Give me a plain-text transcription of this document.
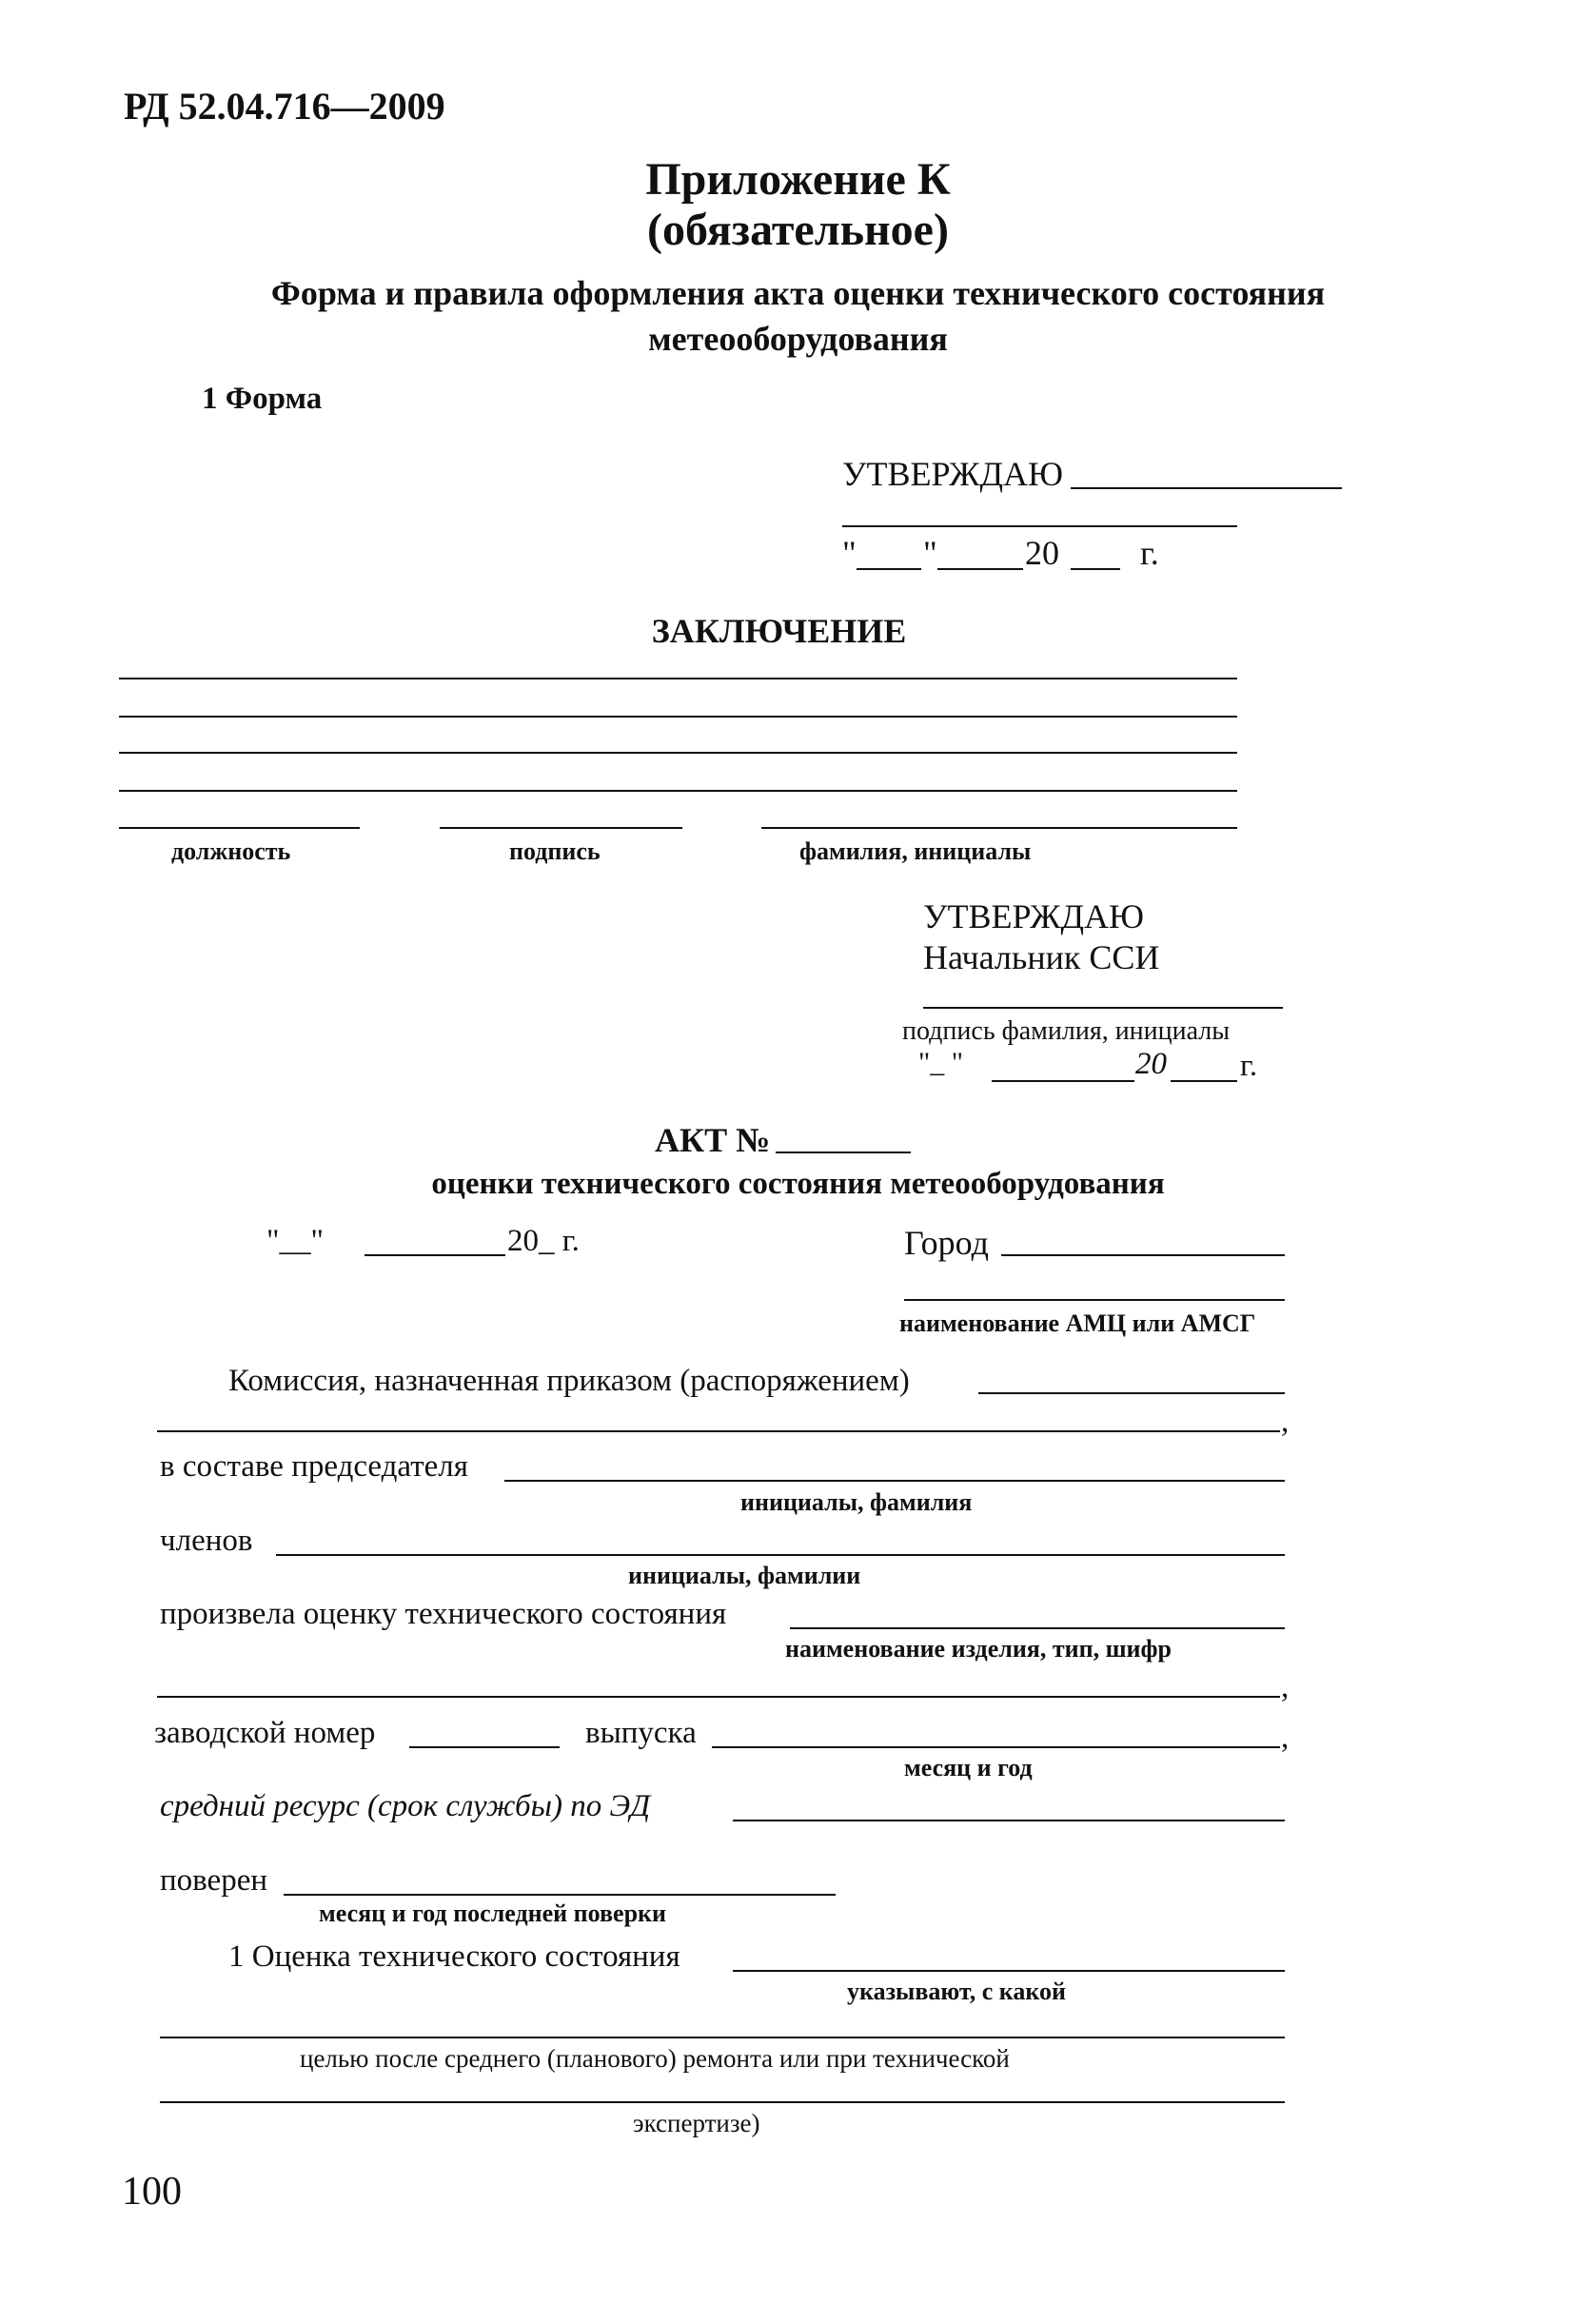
РД 52.04.716—2009
Приложение К
(обязательное)
Форма и правила оформления акта оценки технического состояния
метеооборудования
1 Форма
УТВЕРЖДАЮ
" "	20 г.
ЗАКЛЮЧЕНИЕ
должность	подпись	фамилия, инициалы
УТВЕРЖДАЮ
Начальник ССИ
подпись фамилия, инициалы
"_ "	20 г.
АКТ №
оценки технического состояния метеооборудования
"__"	20_ г.	Город
наименование АМЦ или АМСГ
Комиссия, назначенная приказом (распоряжением)
,
в составе председателя
инициалы, фамилия
членов
инициалы, фамилии
произвела оценку технического состояния
наименование изделия, тип, шифр
,
заводской номер	выпуска	,
месяц и год
средний ресурс (срок службы) по ЭД
поверен
месяц и год последней поверки
1 Оценка технического состояния
указывают, с какой
целью после среднего (планового) ремонта или при технической
экспертизе)
100
